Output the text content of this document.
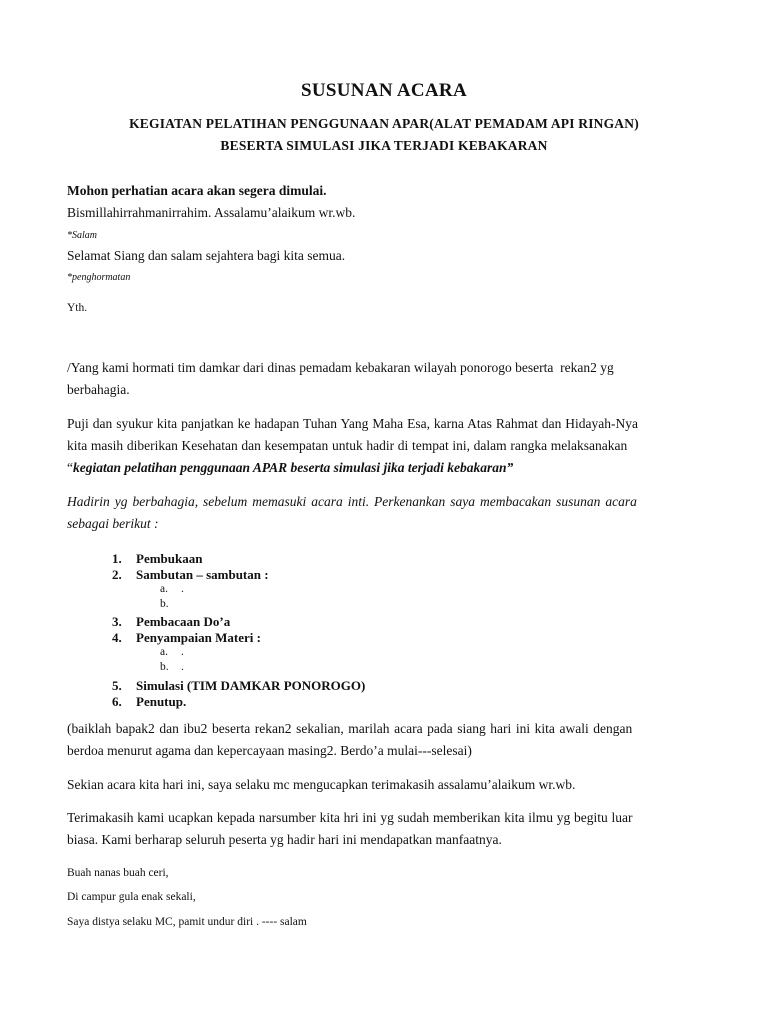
SUSUNAN ACARA
KEGIATAN PELATIHAN PENGGUNAAN APAR(ALAT PEMADAM API RINGAN)
BESERTA SIMULASI JIKA TERJADI KEBAKARAN
Mohon perhatian acara akan segera dimulai.
Bismillahirrahmanirrahim. Assalamu’alaikum wr.wb.
*Salam
Selamat Siang dan salam sejahtera bagi kita semua.
*penghormatan
Yth.
/Yang kami hormati tim damkar dari dinas pemadam kebakaran wilayah ponorogo beserta  rekan2 yg
berbahagia.
Puji dan syukur kita panjatkan ke hadapan Tuhan Yang Maha Esa, karna Atas Rahmat dan Hidayah-Nya
kita masih diberikan Kesehatan dan kesempatan untuk hadir di tempat ini, dalam rangka melaksanakan
“kegiatan pelatihan penggunaan APAR beserta simulasi jika terjadi kebakaran”
Hadirin yg berbahagia, sebelum memasuki acara inti. Perkenankan saya membacakan susunan acara
sebagai berikut :
1. Pembukaan
2. Sambutan – sambutan :
a. .
b.
3. Pembacaan Do’a
4. Penyampaian Materi :
a. .
b. .
5. Simulasi (TIM DAMKAR PONOROGO)
6. Penutup.
(baiklah bapak2 dan ibu2 beserta rekan2 sekalian, marilah acara pada siang hari ini kita awali dengan
berdoa menurut agama dan kepercayaan masing2. Berdo’a mulai---selesai)
Sekian acara kita hari ini, saya selaku mc mengucapkan terimakasih assalamu’alaikum wr.wb.
Terimakasih kami ucapkan kepada narsumber kita hri ini yg sudah memberikan kita ilmu yg begitu luar
biasa. Kami berharap seluruh peserta yg hadir hari ini mendapatkan manfaatnya.
Buah nanas buah ceri,
Di campur gula enak sekali,
Saya distya selaku MC, pamit undur diri . ---- salam
